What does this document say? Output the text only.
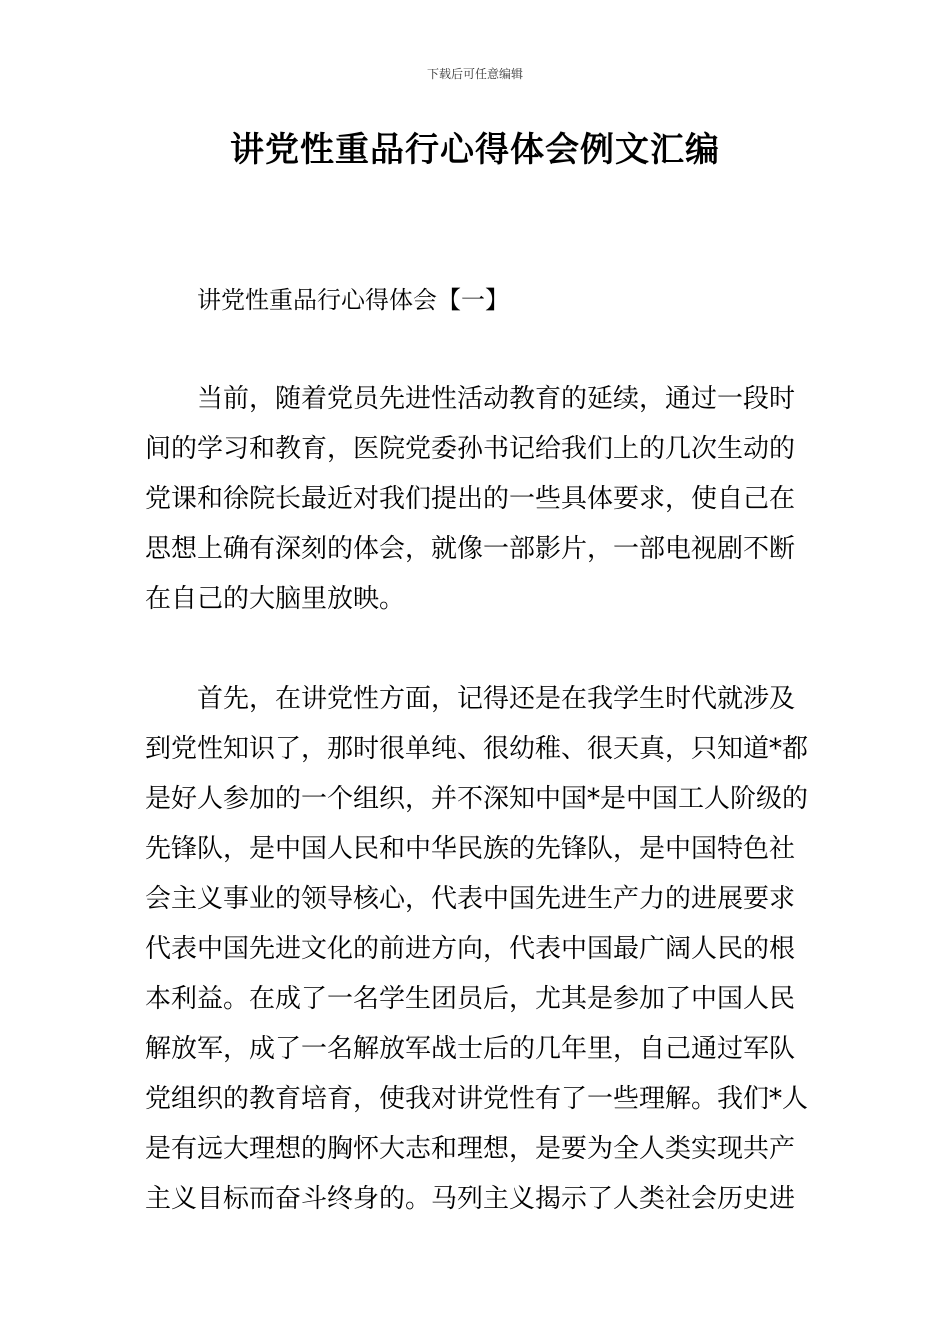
下载后可任意编辑
讲党性重品行心得体会例文汇编
讲党性重品行心得体会【一】
当前，随着党员先进性活动教育的延续，通过一段时
间的学习和教育，医院党委孙书记给我们上的几次生动的
党课和徐院长最近对我们提出的一些具体要求，使自己在
思想上确有深刻的体会，就像一部影片，一部电视剧不断
在自己的大脑里放映。
首先，在讲党性方面，记得还是在我学生时代就涉及
到党性知识了，那时很单纯、很幼稚、很天真，只知道*都
是好人参加的一个组织，并不深知中国*是中国工人阶级的
先锋队，是中国人民和中华民族的先锋队，是中国特色社
会主义事业的领导核心，代表中国先进生产力的进展要求
代表中国先进文化的前进方向，代表中国最广阔人民的根
本利益。在成了一名学生团员后，尤其是参加了中国人民
解放军，成了一名解放军战士后的几年里，自己通过军队
党组织的教育培育，使我对讲党性有了一些理解。我们*人
是有远大理想的胸怀大志和理想，是要为全人类实现共产
主义目标而奋斗终身的。马列主义揭示了人类社会历史进
